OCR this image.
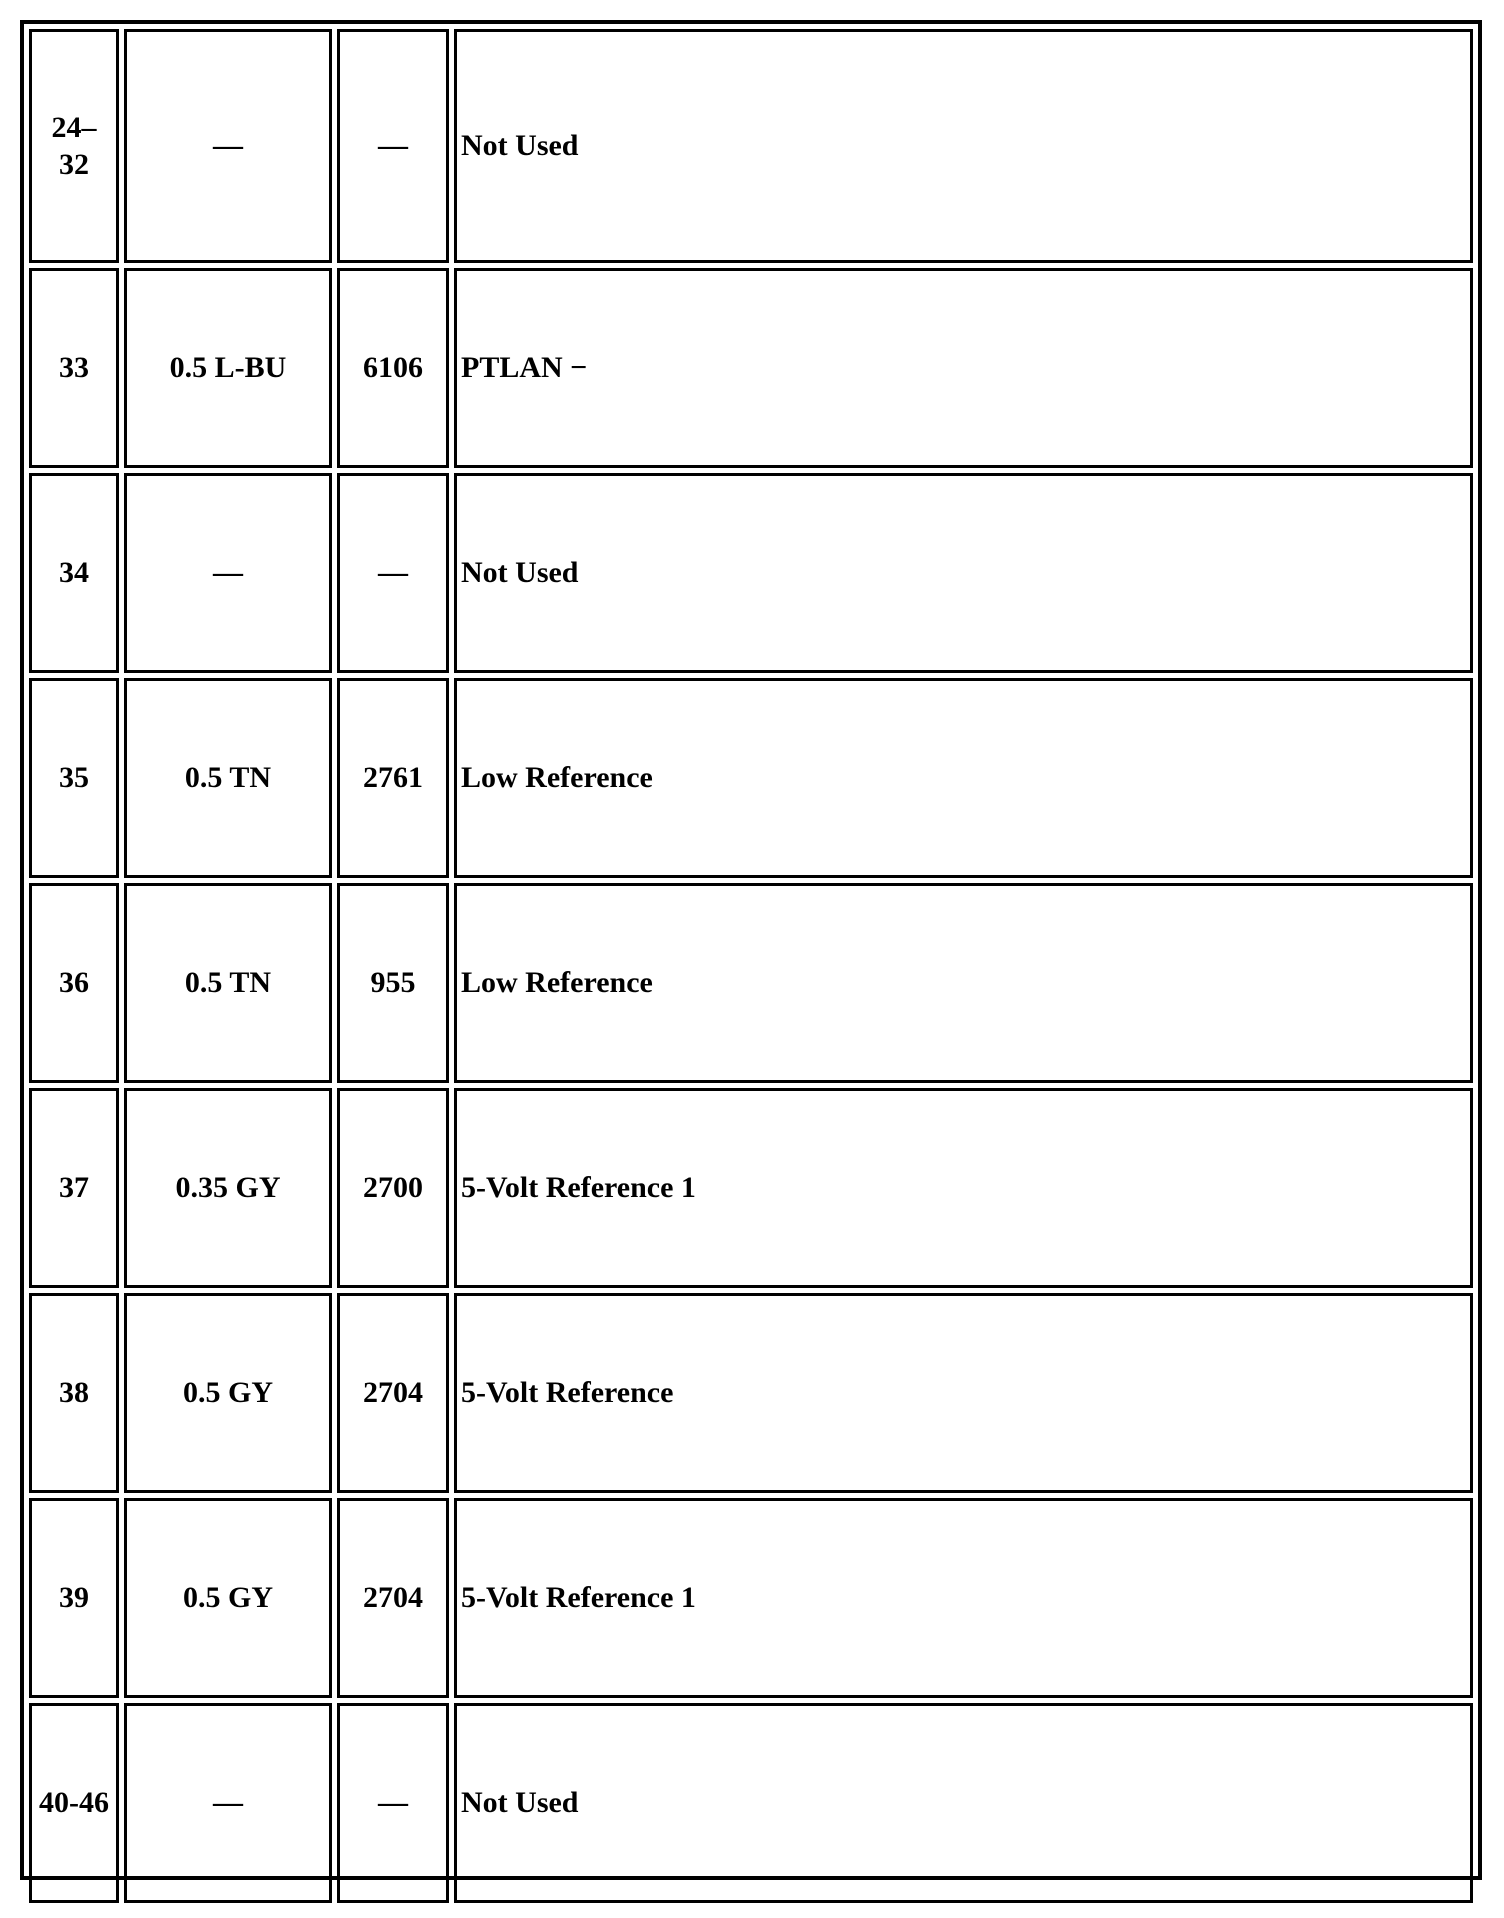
24–
32	—	—	Not Used
33	0.5 L-BU	6106	PTLAN −
34	—	—	Not Used
35	0.5 TN	2761	Low Reference
36	0.5 TN	955	Low Reference
37	0.35 GY	2700	5-Volt Reference 1
38	0.5 GY	2704	5-Volt Reference
39	0.5 GY	2704	5-Volt Reference 1
40-46	—	—	Not Used
